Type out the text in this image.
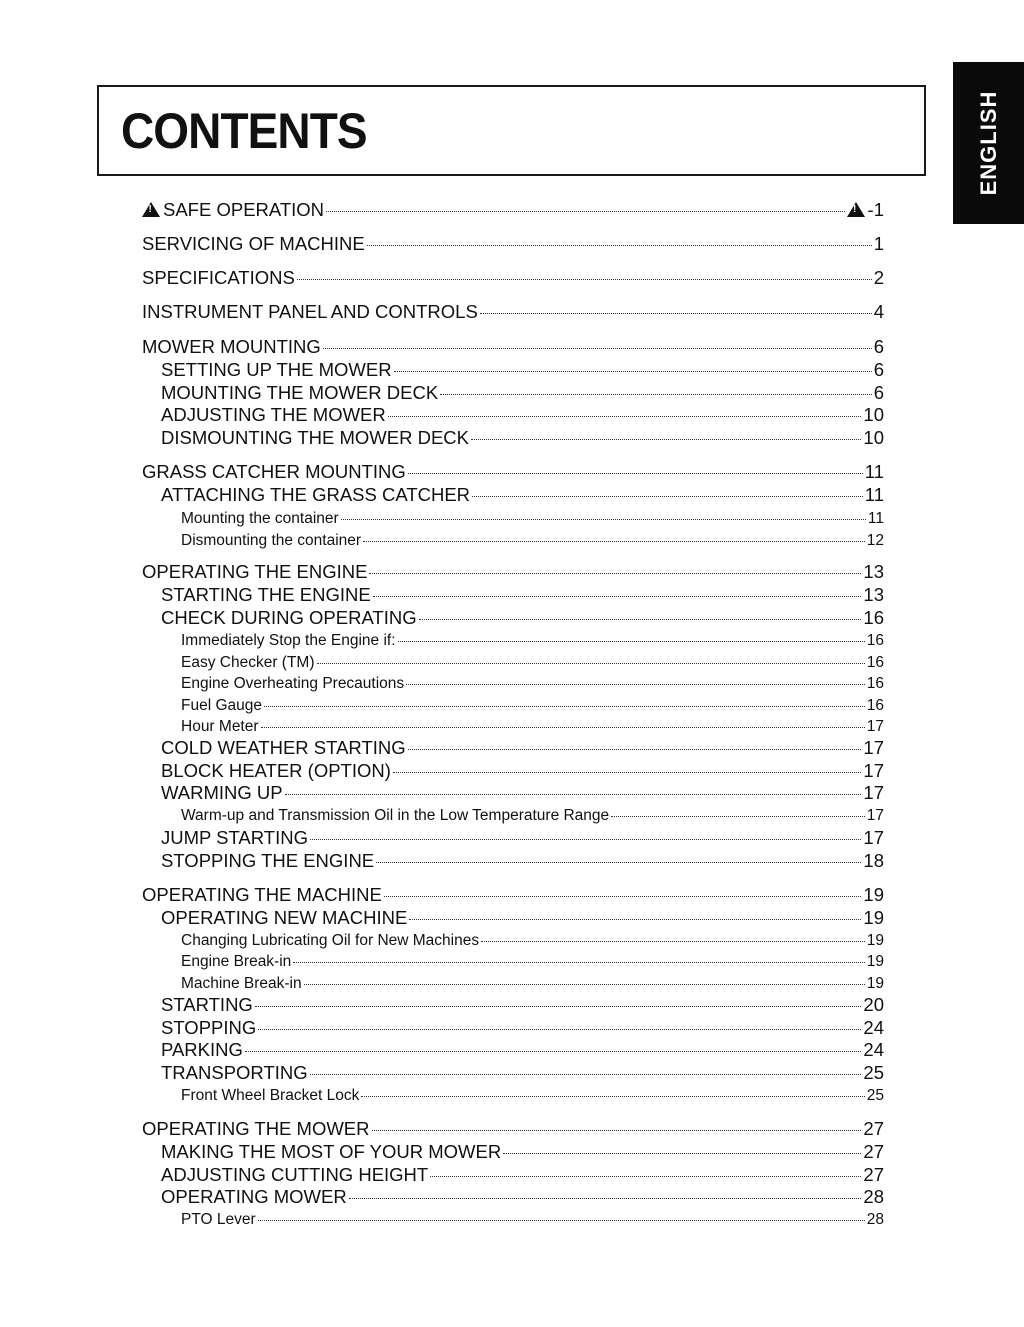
CONTENTS	ENGLISH
!SAFE OPERATION !	-1
SERVICING OF MACHINE	1
SPECIFICATIONS	2
INSTRUMENT PANEL AND CONTROLS	4
MOWER MOUNTING	6
SETTING UP THE MOWER	6
MOUNTING THE MOWER DECK	6
ADJUSTING THE MOWER	10
DISMOUNTING THE MOWER DECK	10
GRASS CATCHER MOUNTING	11
ATTACHING THE GRASS CATCHER	11
Mounting the container	11
Dismounting the container	12
OPERATING THE ENGINE	13
STARTING THE ENGINE	13
CHECK DURING OPERATING	16
Immediately Stop the Engine if:	16
Easy Checker (TM)	16
Engine Overheating Precautions	16
Fuel Gauge	16
Hour Meter	17
COLD WEATHER STARTING	17
BLOCK HEATER (OPTION)	17
WARMING UP	17
Warm-up and Transmission Oil in the Low Temperature Range	17
JUMP STARTING	17
STOPPING THE ENGINE	18
OPERATING THE MACHINE	19
OPERATING NEW MACHINE	19
Changing Lubricating Oil for New Machines	19
Engine Break-in	19
Machine Break-in	19
STARTING	20
STOPPING	24
PARKING	24
TRANSPORTING	25
Front Wheel Bracket Lock	25
OPERATING THE MOWER	27
MAKING THE MOST OF YOUR MOWER	27
ADJUSTING CUTTING HEIGHT	27
OPERATING MOWER	28
PTO Lever	28
